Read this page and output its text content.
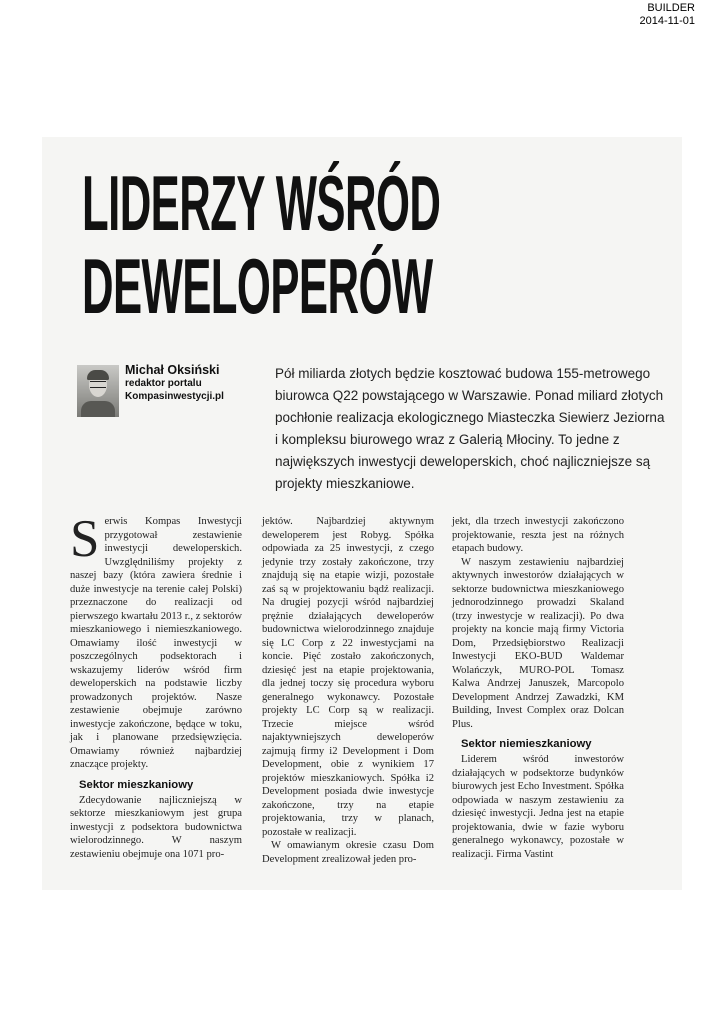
BUILDER
2014-11-01
LIDERZY WŚRÓD
DEWELOPERÓW
Michał Oksiński
redaktor portalu
Kompasinwestycji.pl
Pół miliarda złotych będzie kosztować budowa 155-metrowego biurowca Q22 powstającego w Warszawie. Ponad miliard złotych pochłonie realizacja ekologicznego Miasteczka Siewierz Jeziorna i kompleksu biurowego wraz z Galerią Młociny. To jedne z największych inwestycji deweloperskich, choć najliczniejsze są projekty mieszkaniowe.

Serwis Kompas Inwestycji przygotował zestawienie inwestycji deweloperskich. Uwzględniliśmy projekty z naszej bazy (która zawiera średnie i duże inwestycje na terenie całej Polski) przeznaczone do realizacji od pierwszego kwartału 2013 r., z sektorów mieszkaniowego i niemieszkaniowego. Omawiamy ilość inwestycji w poszczególnych podsektorach i wskazujemy liderów wśród firm deweloperskich na podstawie liczby prowadzonych projektów. Nasze zestawienie obejmuje zarówno inwestycje zakończone, będące w toku, jak i planowane przedsięwzięcia. Omawiamy również najbardziej znaczące projekty.

Sektor mieszkaniowy

Zdecydowanie najliczniejszą w sektorze mieszkaniowym jest grupa inwestycji z podsektora budownictwa wielorodzinnego. W naszym zestawieniu obejmuje ona 1071 pro-

jektów. Najbardziej aktywnym deweloperem jest Robyg. Spółka odpowiada za 25 inwestycji, z czego jedynie trzy zostały zakończone, trzy znajdują się na etapie wizji, pozostałe zaś są w projektowaniu bądź realizacji. Na drugiej pozycji wśród najbardziej prężnie działających deweloperów budownictwa wielorodzinnego znajduje się LC Corp z 22 inwestycjami na koncie. Pięć zostało zakończonych, dziesięć jest na etapie projektowania, dla jednej toczy się procedura wyboru generalnego wykonawcy. Pozostałe projekty LC Corp są w realizacji. Trzecie miejsce wśród najaktywniejszych deweloperów zajmują firmy i2 Development i Dom Development, obie z wynikiem 17 projektów mieszkaniowych. Spółka i2 Development posiada dwie inwestycje zakończone, trzy na etapie projektowania, trzy w planach, pozostałe w realizacji.

W omawianym okresie czasu Dom Development zrealizował jeden pro-

jekt, dla trzech inwestycji zakończono projektowanie, reszta jest na różnych etapach budowy.

W naszym zestawieniu najbardziej aktywnych inwestorów działających w sektorze budownictwa mieszkaniowego jednorodzinnego prowadzi Skaland (trzy inwestycje w realizacji). Po dwa projekty na koncie mają firmy Victoria Dom, Przedsiębiorstwo Realizacji Inwestycji EKO-BUD Waldemar Wolańczyk, MURO-POL Tomasz Kalwa Andrzej Januszek, Marcopolo Development Andrzej Zawadzki, KM Building, Invest Complex oraz Dolcan Plus.

Sektor niemieszkaniowy

Liderem wśród inwestorów działających w podsektorze budynków biurowych jest Echo Investment. Spółka odpowiada w naszym zestawieniu za dziesięć inwestycji. Jedna jest na etapie projektowania, dwie w fazie wyboru generalnego wykonawcy, pozostałe w realizacji. Firma Vastint
